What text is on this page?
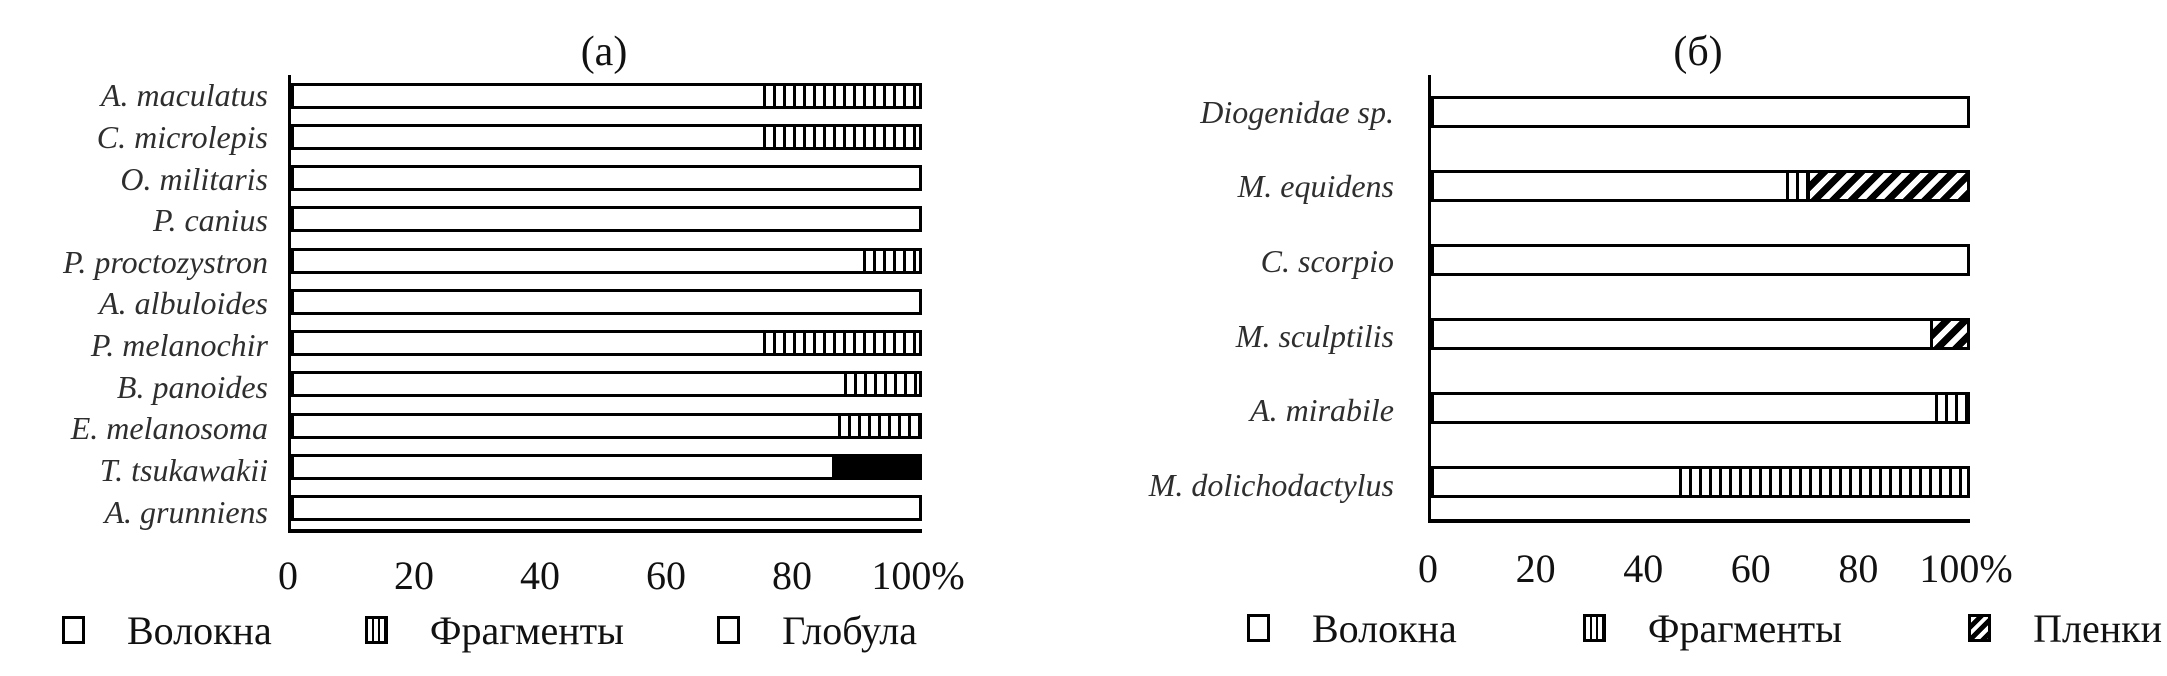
(а)
A. maculatus
C. microlepis
O. militaris
P. canius
P. proctozystron
A. albuloides
P. melanochir
B. panoides
E. melanosoma
T. tsukawakii
A. grunniens
0 20 40 60 80 100%
Волокна	Фрагменты	Глобула
(б)
Diogenidae sp.
M. equidens
C. scorpio
M. sculptilis
A. mirabile
M. dolichodactylus
0 20 40 60 80 100%
Волокна	Фрагменты	Пленки
